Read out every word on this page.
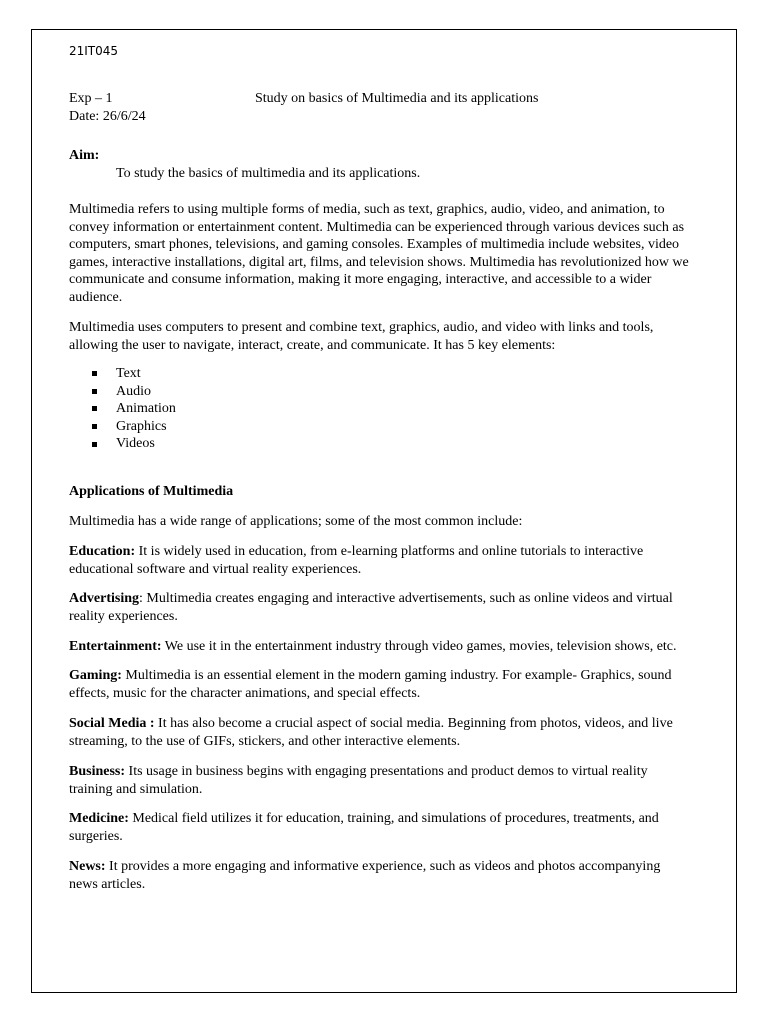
21IT045
Exp – 1	Study on basics of Multimedia and its applications
Date: 26/6/24
Aim:
To study the basics of multimedia and its applications.
Multimedia refers to using multiple forms of media, such as text, graphics, audio, video, and animation, to
convey information or entertainment content. Multimedia can be experienced through various devices such as
computers, smart phones, televisions, and gaming consoles. Examples of multimedia include websites, video
games, interactive installations, digital art, films, and television shows. Multimedia has revolutionized how we
communicate and consume information, making it more engaging, interactive, and accessible to a wider
audience.
Multimedia uses computers to present and combine text, graphics, audio, and video with links and tools,
allowing the user to navigate, interact, create, and communicate. It has 5 key elements:
Text
Audio
Animation
Graphics
Videos
Applications of Multimedia
Multimedia has a wide range of applications; some of the most common include:
Education: It is widely used in education, from e-learning platforms and online tutorials to interactive
educational software and virtual reality experiences.
Advertising: Multimedia creates engaging and interactive advertisements, such as online videos and virtual
reality experiences.
Entertainment: We use it in the entertainment industry through video games, movies, television shows, etc.
Gaming: Multimedia is an essential element in the modern gaming industry. For example- Graphics, sound
effects, music for the character animations, and special effects.
Social Media : It has also become a crucial aspect of social media. Beginning from photos, videos, and live
streaming, to the use of GIFs, stickers, and other interactive elements.
Business: Its usage in business begins with engaging presentations and product demos to virtual reality
training and simulation.
Medicine: Medical field utilizes it for education, training, and simulations of procedures, treatments, and
surgeries.
News: It provides a more engaging and informative experience, such as videos and photos accompanying
news articles.
